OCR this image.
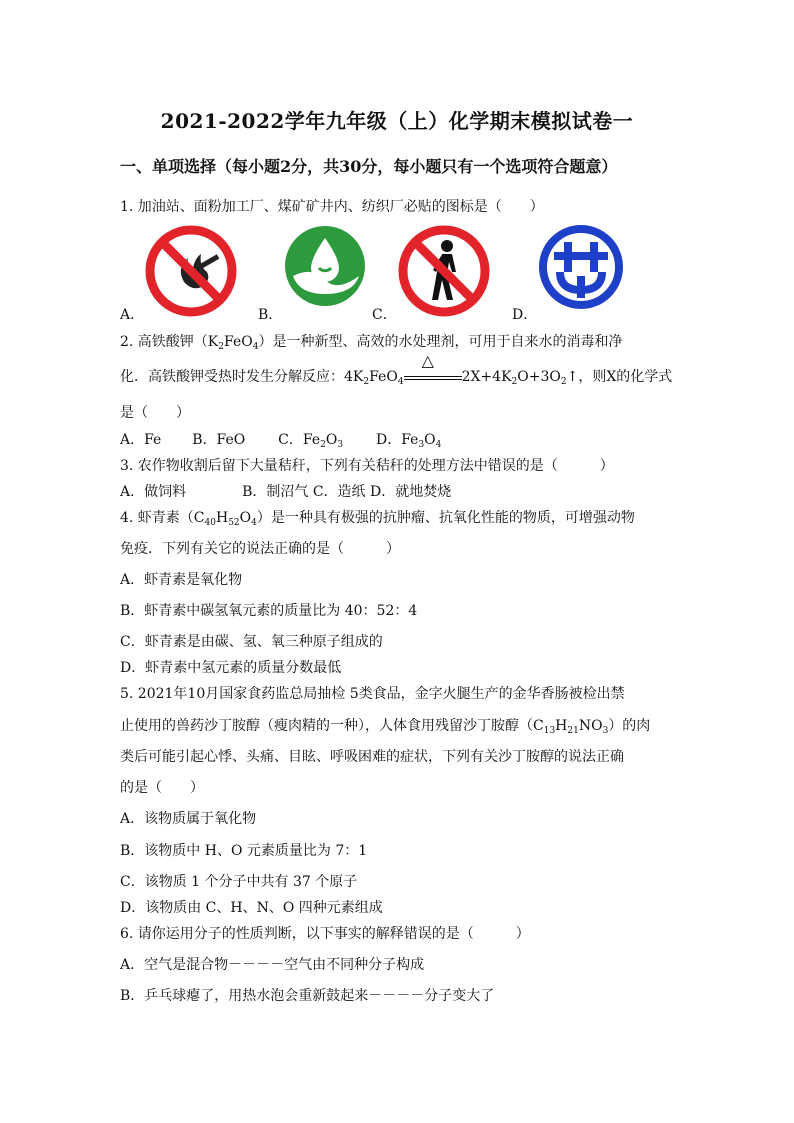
2021-2022学年九年级（上）化学期末模拟试卷一
一、单项选择（每小题2分，共30分，每小题只有一个选项符合题意）
1. 加油站、面粉加工厂、煤矿矿井内、纺织厂必贴的图标是（　　）
A．	B．	C．	D．
2. 高铁酸钾$(K_2FeO_4)$是一种新型、高效的水处理剂，可用于自来水的消毒和净
化．高铁酸钾受热时发生分解反应：$4K_2FeO_4$
△
$2X+4K_2O+3O_2↑$，则X的化学式
是（　　）
A．Fe B．FeO C．$Fe_2O_3$ D．$Fe_3O_4$
3. 农作物收割后留下大量秸秆，下列有关秸秆的处理方法中错误的是（　　　）
A．做饲料　　　　B．制沼气 C．造纸 D．就地焚烧
4. 虾青素$(C_{40}H_{52}O_4)$是一种具有极强的抗肿瘤、抗氧化性能的物质，可增强动物
免疫．下列有关它的说法正确的是（　　　）
A．虾青素是氧化物
B．虾青素中碳氢氧元素的质量比为 40：52：4
C．虾青素是由碳、氢、氧三种原子组成的
D．虾青素中氢元素的质量分数最低
5. 2021年10月国家食药监总局抽检 5类食品，金字火腿生产的金华香肠被检出禁
止使用的兽药沙丁胺醇（瘦肉精的一种），人体食用残留沙丁胺醇$(C_{13}H_{21}NO_3)$的肉
类后可能引起心悸、头痛、目眩、呼吸困难的症状，下列有关沙丁胺醇的说法正确
的是（　　）
A．该物质属于氧化物
B．该物质中 H、O 元素质量比为 7：1
C．该物质 1 个分子中共有 37 个原子
D．该物质由 C、H、N、O 四种元素组成
6. 请你运用分子的性质判断，以下事实的解释错误的是（　　　）
A．空气是混合物－－－－空气由不同种分子构成
B．乒乓球瘪了，用热水泡会重新鼓起来－－－－分子变大了
